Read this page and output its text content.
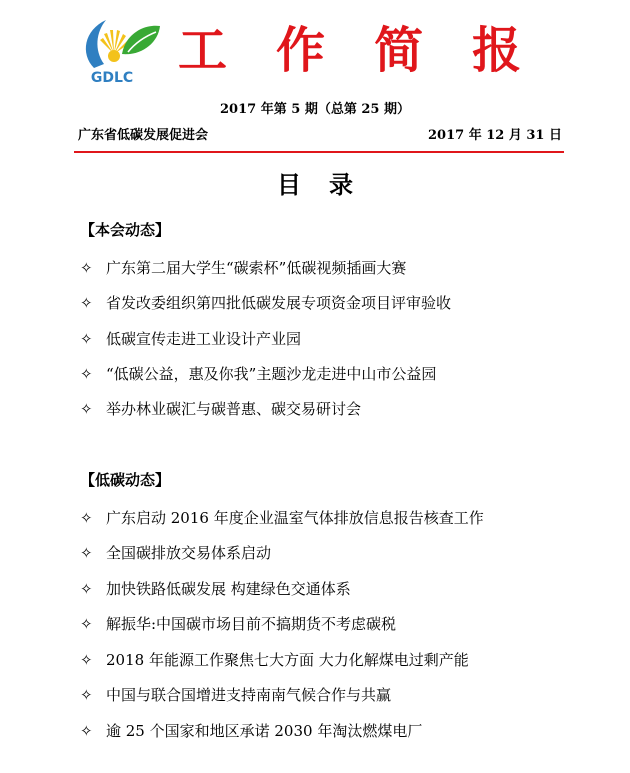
GDLC 工 作 简 报
2017 年第 5 期（总第 25 期）
广东省低碳发展促进会	2017 年 12 月 31 日
目录
【本会动态】
✧ 广东第二届大学生“碳索杯”低碳视频插画大赛
✧ 省发改委组织第四批低碳发展专项资金项目评审验收
✧ 低碳宣传走进工业设计产业园
✧ “低碳公益，惠及你我”主题沙龙走进中山市公益园
✧ 举办林业碳汇与碳普惠、碳交易研讨会
【低碳动态】
✧ 广东启动 2016 年度企业温室气体排放信息报告核查工作
✧ 全国碳排放交易体系启动
✧ 加快铁路低碳发展 构建绿色交通体系
✧ 解振华:中国碳市场目前不搞期货不考虑碳税
✧ 2018 年能源工作聚焦七大方面 大力化解煤电过剩产能
✧ 中国与联合国增进支持南南气候合作与共赢
✧ 逾 25 个国家和地区承诺 2030 年淘汰燃煤电厂
